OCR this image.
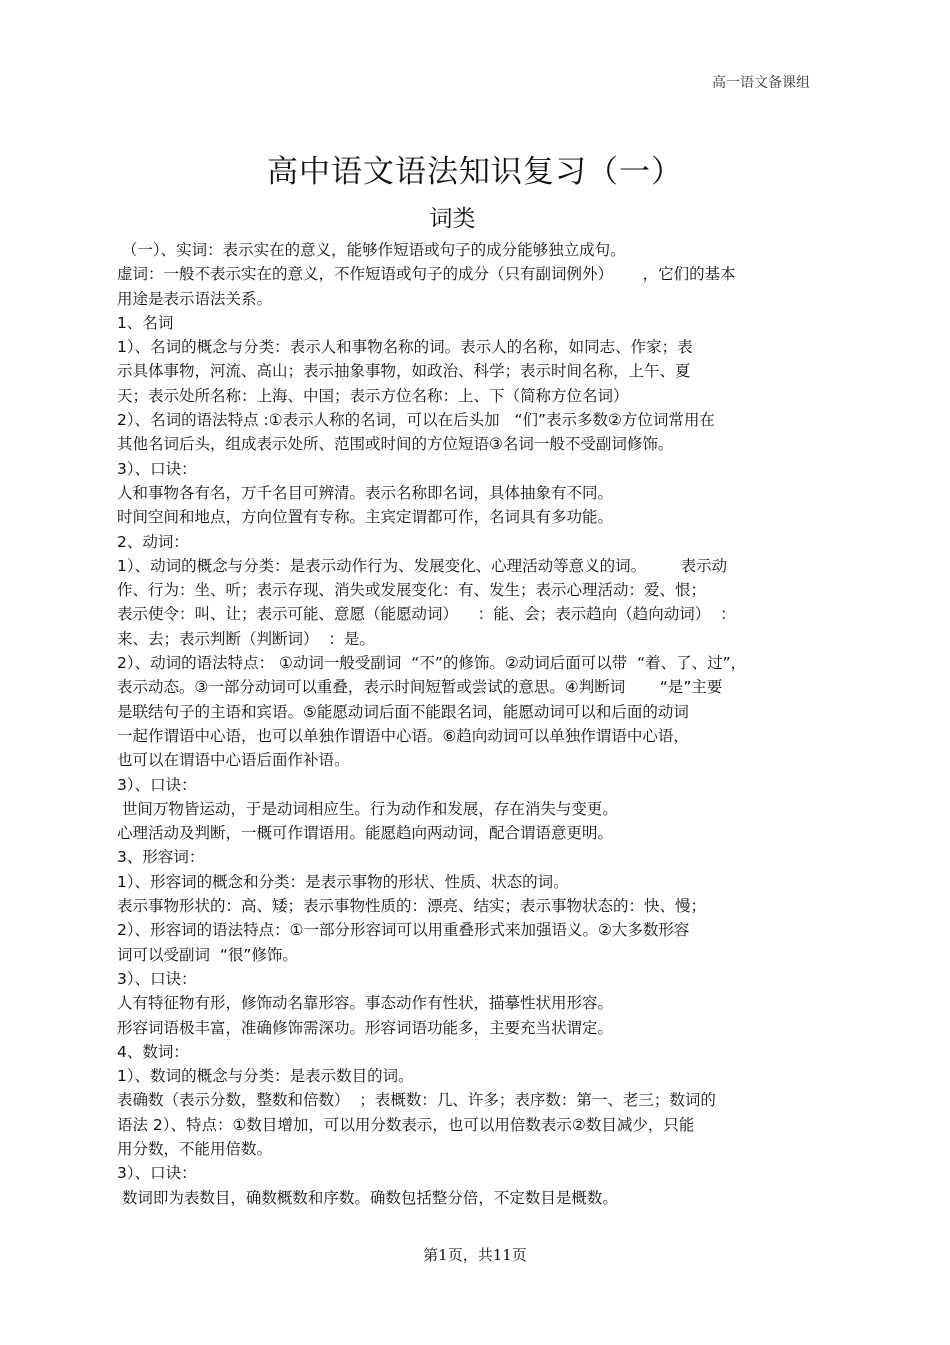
高一语文备课组
高中语文语法知识复习（一）
词类
（一）、实词：表示实在的意义，能够作短语或句子的成分能够独立成句。
虚词：一般不表示实在的意义，不作短语或句子的成分（只有副词例外）      ，它们的基本
用途是表示语法关系。
1、名词
1）、名词的概念与分类：表示人和事物名称的词。表示人的名称，如同志、作家；表
示具体事物，河流、高山；表示抽象事物，如政治、科学；表示时间名称，上午、夏
天；表示处所名称：上海、中国；表示方位名称：上、下（简称方位名词）
2）、名词的语法特点 :①表示人称的名词，可以在后头加   “们”表示多数②方位词常用在
其他名词后头，组成表示处所、范围或时间的方位短语③名词一般不受副词修饰。
3）、口诀：
人和事物各有名，万千名目可辨清。表示名称即名词，具体抽象有不同。
时间空间和地点，方向位置有专称。主宾定谓都可作，名词具有多功能。
2、动词：
1）、动词的概念与分类：是表示动作行为、发展变化、心理活动等意义的词。       表示动
作、行为：坐、听；表示存现、消失或发展变化：有、发生；表示心理活动：爱、恨；
表示使令：叫、让；表示可能、意愿（能愿动词）    ：能、会；表示趋向（趋向动词）  ：
来、去；表示判断（判断词）  ：是。
2）、动词的语法特点： ①动词一般受副词  “不”的修饰。②动词后面可以带  “着、了、过”，
表示动态。③一部分动词可以重叠，表示时间短暂或尝试的意思。④判断词       “是”主要
是联结句子的主语和宾语。⑤能愿动词后面不能跟名词，能愿动词可以和后面的动词
一起作谓语中心语，也可以单独作谓语中心语。⑥趋向动词可以单独作谓语中心语，
也可以在谓语中心语后面作补语。
3）、口诀：
世间万物皆运动，于是动词相应生。行为动作和发展，存在消失与变更。
心理活动及判断，一概可作谓语用。能愿趋向两动词，配合谓语意更明。
3、形容词：
1）、形容词的概念和分类：是表示事物的形状、性质、状态的词。
表示事物形状的：高、矮；表示事物性质的：漂亮、结实；表示事物状态的：快、慢；
2）、形容词的语法特点：①一部分形容词可以用重叠形式来加强语义。②大多数形容
词可以受副词  “很”修饰。
3）、口诀：
人有特征物有形，修饰动名靠形容。事态动作有性状，描摹性状用形容。
形容词语极丰富，准确修饰需深功。形容词语功能多，主要充当状谓定。
4、数词：
1）、数词的概念与分类：是表示数目的词。
表确数（表示分数，整数和倍数）  ；表概数：几、许多；表序数：第一、老三；数词的
语法 2）、特点：①数目增加，可以用分数表示，也可以用倍数表示②数目减少，只能
用分数，不能用倍数。
3）、口诀：
数词即为表数目，确数概数和序数。确数包括整分倍，不定数目是概数。
第1页，共11页
